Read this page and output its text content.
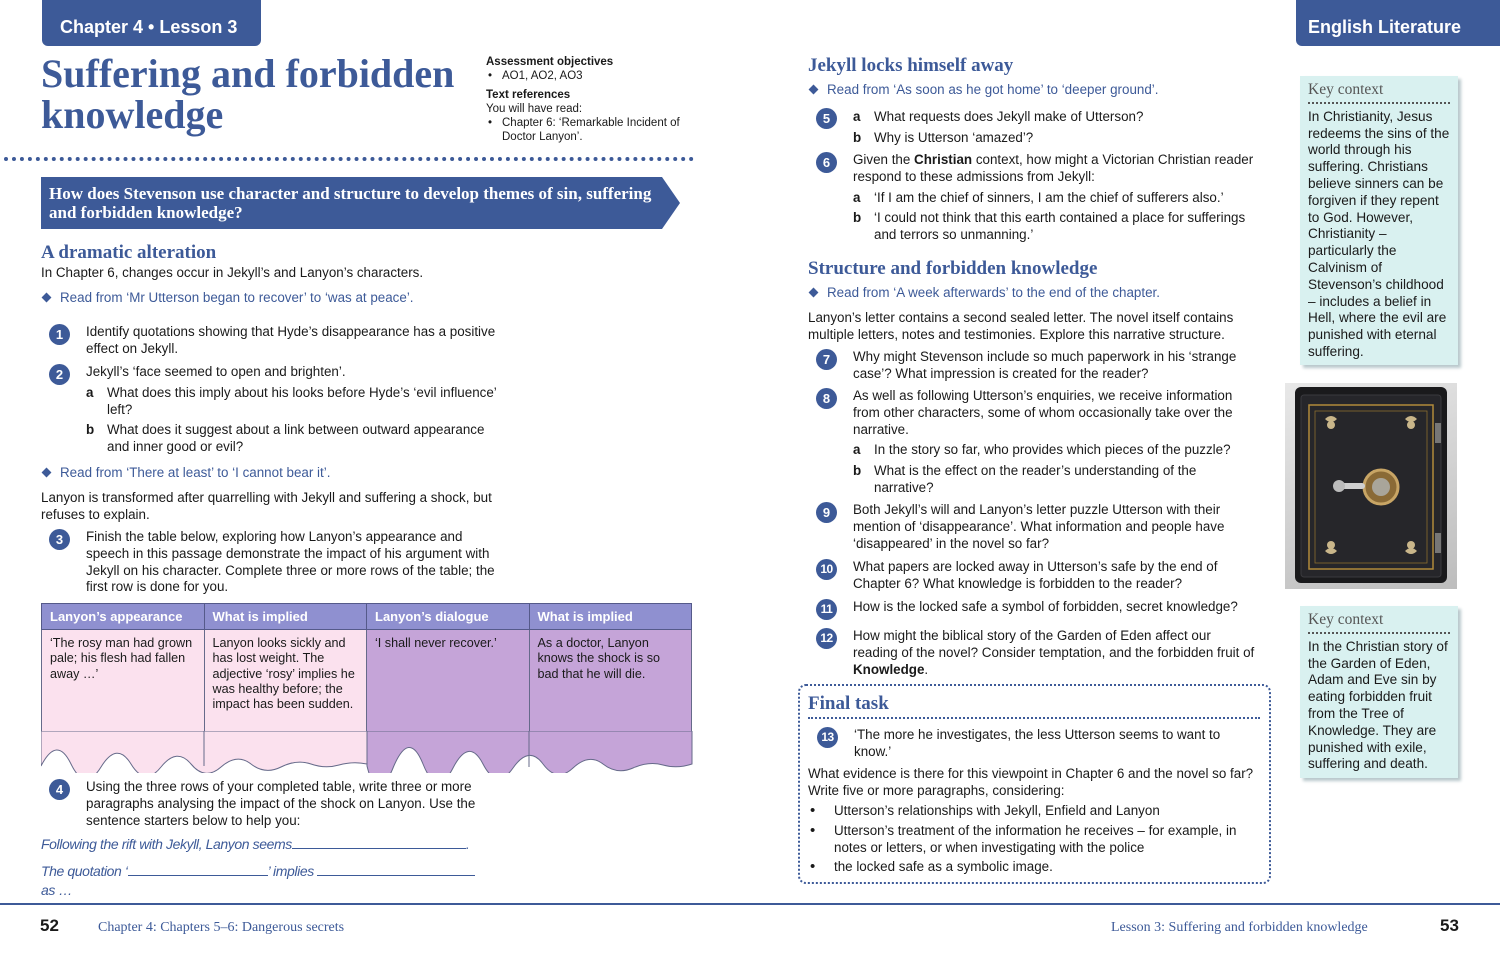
Chapter 4 • Lesson 3	English Literature
Suffering and forbidden
knowledge
Assessment objectives
• AO1, AO2, AO3
Text references
You will have read:
• Chapter 6: ‘Remarkable Incident of Doctor Lanyon’.
How does Stevenson use character and structure to develop themes of sin, suffering and forbidden knowledge?
A dramatic alteration
In Chapter 6, changes occur in Jekyll’s and Lanyon’s characters.
Read from ‘Mr Utterson began to recover’ to ‘was at peace’.
1	Identify quotations showing that Hyde’s disappearance has a positive effect on Jekyll.
2	Jekyll’s ‘face seemed to open and brighten’.
a What does this imply about his looks before Hyde’s ‘evil influence’ left?
b What does it suggest about a link between outward appearance and inner good or evil?
Read from ‘There at least’ to ‘I cannot bear it’.
Lanyon is transformed after quarrelling with Jekyll and suffering a shock, but refuses to explain.
3	Finish the table below, exploring how Lanyon’s appearance and speech in this passage demonstrate the impact of his argument with Jekyll on his character. Complete three or more rows of the table; the first row is done for you.
Lanyon’s appearance	What is implied	Lanyon’s dialogue	What is implied
‘The rosy man had grown pale; his flesh had fallen away …’	Lanyon looks sickly and has lost weight. The adjective ‘rosy’ implies he was healthy before; the impact has been sudden.	‘I shall never recover.’	As a doctor, Lanyon knows the shock is so bad that he will die.
4	Using the three rows of your completed table, write three or more paragraphs analysing the impact of the shock on Lanyon. Use the sentence starters below to help you:
Following the rift with Jekyll, Lanyon seems	.
The quotation ‘	’ implies
as …
Jekyll locks himself away
Read from ‘As soon as he got home’ to ‘deeper ground’.
5	a What requests does Jekyll make of Utterson?
b Why is Utterson ‘amazed’?
6	Given the Christian context, how might a Victorian Christian reader respond to these admissions from Jekyll:
a ‘If I am the chief of sinners, I am the chief of sufferers also.’
b ‘I could not think that this earth contained a place for sufferings and terrors so unmanning.’
Structure and forbidden knowledge
Read from ‘A week afterwards’ to the end of the chapter.
Lanyon’s letter contains a second sealed letter. The novel itself contains multiple letters, notes and testimonies. Explore this narrative structure.
7	Why might Stevenson include so much paperwork in his ‘strange case’? What impression is created for the reader?
8	As well as following Utterson’s enquiries, we receive information from other characters, some of whom occasionally take over the narrative.
a In the story so far, who provides which pieces of the puzzle?
b What is the effect on the reader’s understanding of the narrative?
9	Both Jekyll’s will and Lanyon’s letter puzzle Utterson with their mention of ‘disappearance’. What information and people have ‘disappeared’ in the novel so far?
10	What papers are locked away in Utterson’s safe by the end of Chapter 6? What knowledge is forbidden to the reader?
11	How is the locked safe a symbol of forbidden, secret knowledge?
12	How might the biblical story of the Garden of Eden affect our reading of the novel? Consider temptation, and the forbidden fruit of Knowledge.
Final task
13	‘The more he investigates, the less Utterson seems to want to know.’
What evidence is there for this viewpoint in Chapter 6 and the novel so far? Write five or more paragraphs, considering:
• Utterson’s relationships with Jekyll, Enfield and Lanyon
• Utterson’s treatment of the information he receives – for example, in notes or letters, or when investigating with the police
• the locked safe as a symbolic image.
Key context
In Christianity, Jesus redeems the sins of the world through his suffering. Christians believe sinners can be forgiven if they repent to God. However, Christianity – particularly the Calvinism of Stevenson’s childhood – includes a belief in Hell, where the evil are punished with eternal suffering.
Key context
In the Christian story of the Garden of Eden, Adam and Eve sin by eating forbidden fruit from the Tree of Knowledge. They are punished with exile, suffering and death.
52	Chapter 4: Chapters 5–6: Dangerous secrets	Lesson 3: Suffering and forbidden knowledge	53
